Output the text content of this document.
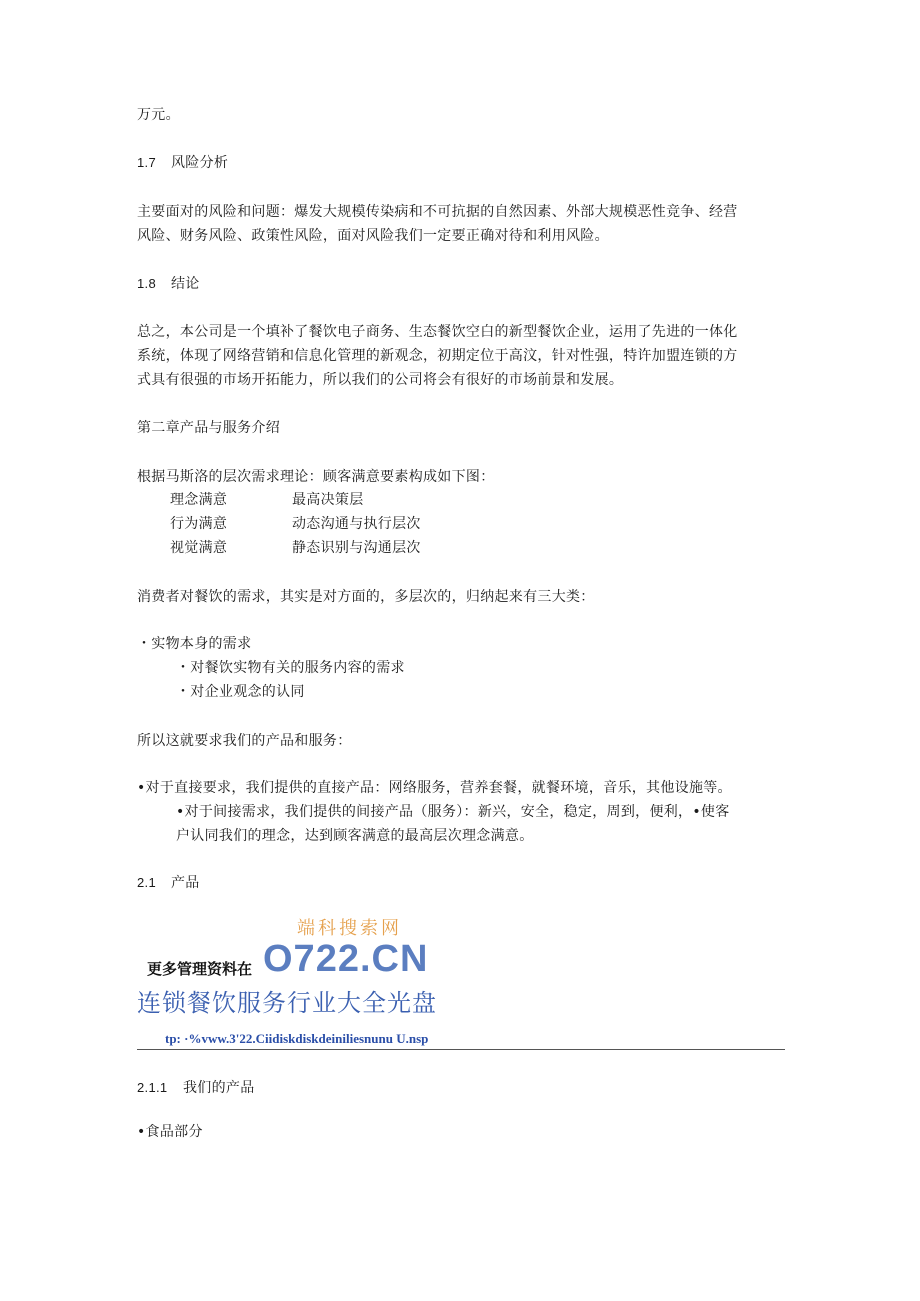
万元。
1.7 风险分析
主要面对的风险和问题：爆发大规模传染病和不可抗据的自然因素、外部大规模恶性竞争、经营
风险、财务风险、政策性风险，面对风险我们一定要正确对待和利用风险。
1.8 结论
总之，本公司是一个填补了餐饮电子商务、生态餐饮空白的新型餐饮企业，运用了先进的一体化
系统，体现了网络营销和信息化管理的新观念，初期定位于高汶，针对性强，特许加盟连锁的方
式具有很强的市场开拓能力，所以我们的公司将会有很好的市场前景和发展。
第二章产品与服务介绍
根据马斯洛的层次需求理论：顾客满意要素构成如下图：
理念满意	最高决策层
行为满意	动态沟通与执行层次
视觉满意	静态识别与沟通层次
消费者对餐饮的需求，其实是对方面的，多层次的，归纳起来有三大类：
・实物本身的需求
・对餐饮实物有关的服务内容的需求
・对企业观念的认同
所以这就要求我们的产品和服务：
•对于直接要求，我们提供的直接产品：网络服务，营养套餐，就餐环境，音乐，其他设施等。
•对于间接需求，我们提供的间接产品（服务）：新兴，安全，稳定，周到，便利，•使客
户认同我们的理念，达到顾客满意的最高层次理念满意。
2.1 产品
端科搜索网
O722.CN
更多管理资料在
连锁餐饮服务行业大全光盘
tp: ·%vww.3'22.Ciidiskdiskdeiniliesnunu U.nsp
2.1.1 我们的产品
•食品部分
